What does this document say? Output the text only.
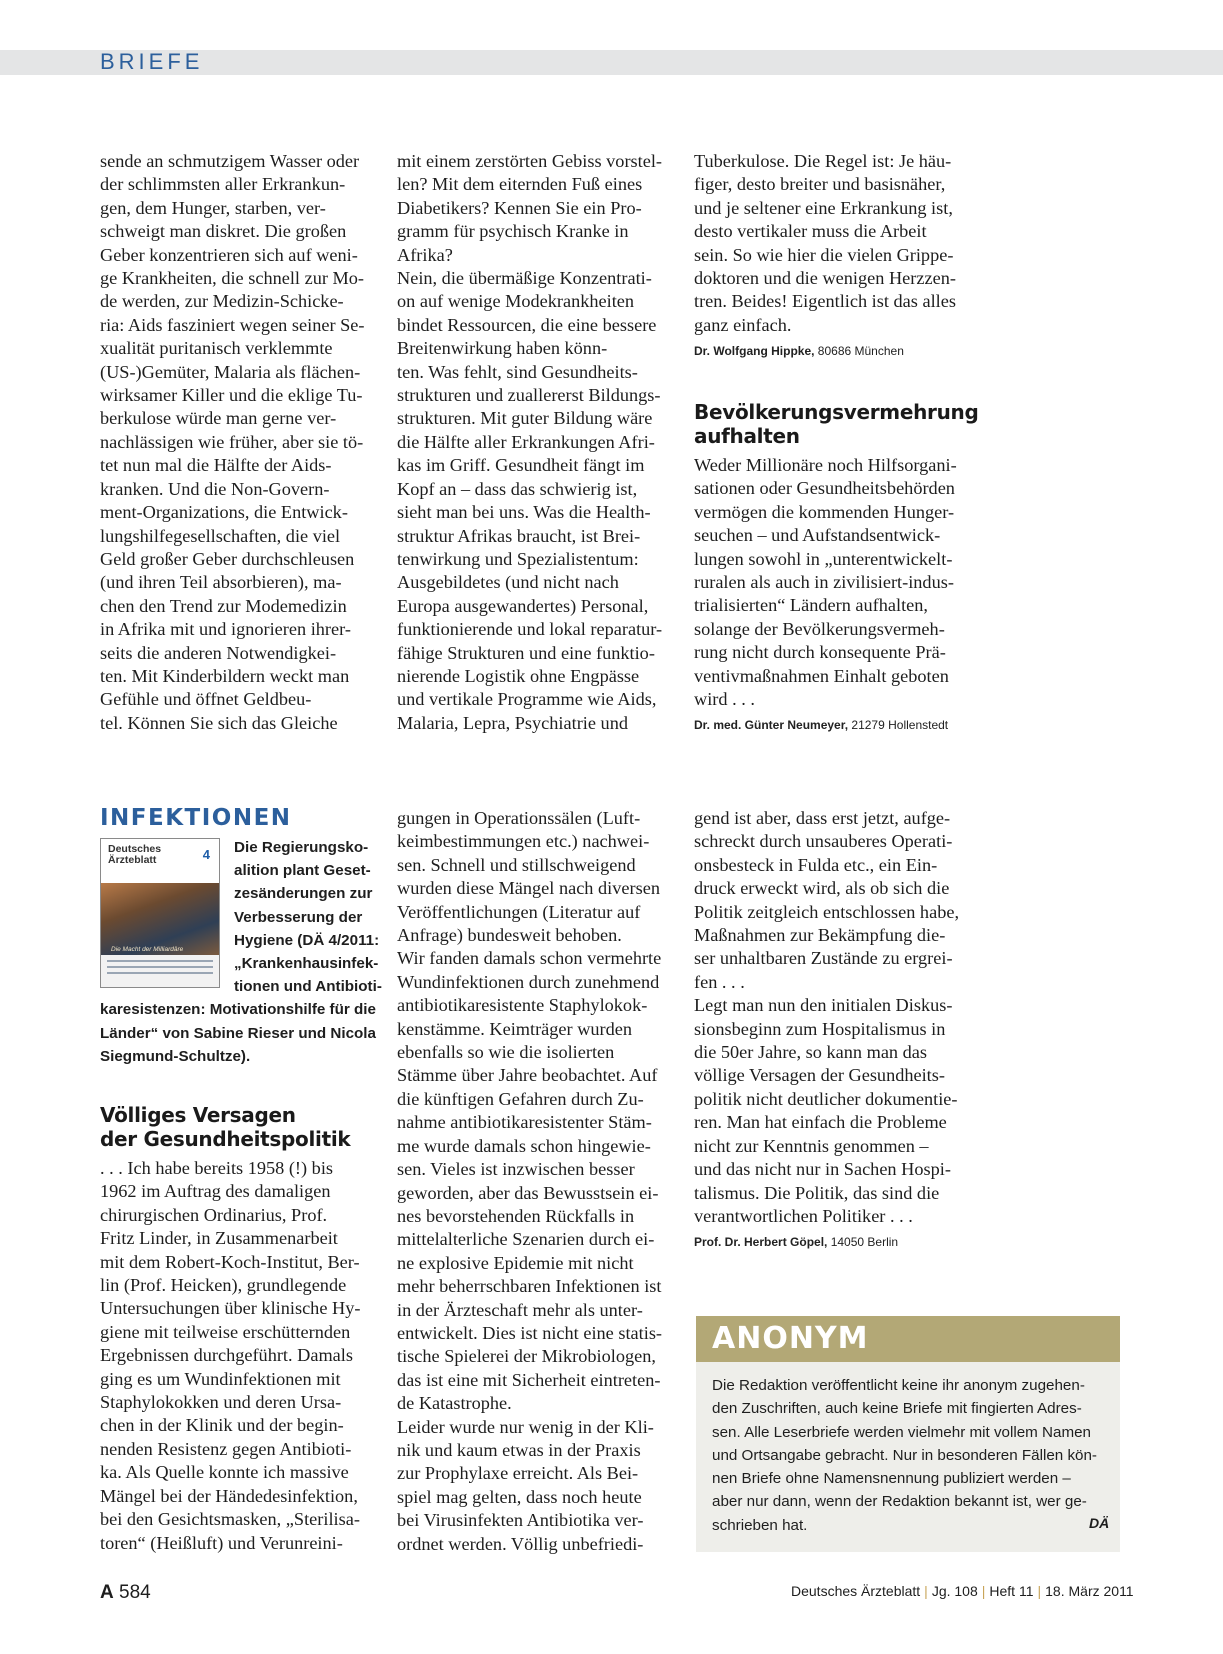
BRIEFE

sende an schmutzigem Wasser oder
der schlimmsten aller Erkrankun-
gen, dem Hunger, starben, ver-
schweigt man diskret. Die großen
Geber konzentrieren sich auf weni-
ge Krankheiten, die schnell zur Mo-
de werden, zur Medizin-Schicke-
ria: Aids fasziniert wegen seiner Se-
xualität puritanisch verklemmte
(US-)Gemüter, Malaria als flächen-
wirksamer Killer und die eklige Tu-
berkulose würde man gerne ver-
nachlässigen wie früher, aber sie tö-
tet nun mal die Hälfte der Aids-
kranken. Und die Non-Govern-
ment-Organizations, die Entwick-
lungshilfegesellschaften, die viel
Geld großer Geber durchschleusen
(und ihren Teil absorbieren), ma-
chen den Trend zur Modemedizin
in Afrika mit und ignorieren ihrer-
seits die anderen Notwendigkei-
ten. Mit Kinderbildern weckt man
Gefühle und öffnet Geldbeu-
tel. Können Sie sich das Gleiche

mit einem zerstörten Gebiss vorstel-
len? Mit dem eiternden Fuß eines
Diabetikers? Kennen Sie ein Pro-
gramm für psychisch Kranke in
Afrika?
Nein, die übermäßige Konzentrati-
on auf wenige Modekrankheiten
bindet Ressourcen, die eine bessere
Breitenwirkung haben könn-
ten. Was fehlt, sind Gesundheits-
strukturen und zuallererst Bildungs-
strukturen. Mit guter Bildung wäre
die Hälfte aller Erkrankungen Afri-
kas im Griff. Gesundheit fängt im
Kopf an – dass das schwierig ist,
sieht man bei uns. Was die Health-
struktur Afrikas braucht, ist Brei-
tenwirkung und Spezialistentum:
Ausgebildetes (und nicht nach
Europa ausgewandertes) Personal,
funktionierende und lokal reparatur-
fähige Strukturen und eine funktio-
nierende Logistik ohne Engpässe
und vertikale Programme wie Aids,
Malaria, Lepra, Psychiatrie und

Tuberkulose. Die Regel ist: Je häu-
figer, desto breiter und basisnäher,
und je seltener eine Erkrankung ist,
desto vertikaler muss die Arbeit
sein. So wie hier die vielen Grippe-
doktoren und die wenigen Herzzen-
tren. Beides! Eigentlich ist das alles
ganz einfach.

Dr. Wolfgang Hippke, 80686 München
Bevölkerungsvermehrung
aufhalten

Weder Millionäre noch Hilfsorgani-
sationen oder Gesundheitsbehörden
vermögen die kommenden Hunger-
seuchen – und Aufstandsentwick-
lungen sowohl in „unterentwickelt-
ruralen als auch in zivilisiert-indus-
trialisierten“ Ländern aufhalten,
solange der Bevölkerungsvermeh-
rung nicht durch konsequente Prä-
ventivmaßnahmen Einhalt geboten
wird . . .

Dr. med. Günter Neumeyer, 21279 Hollenstedt
INFEKTIONEN
Deutsches
Ärzteblatt	4
Die Macht der Milliardäre

Die Regierungsko-

alition plant Geset-

zesänderungen zur

Verbesserung der

Hygiene (DÄ 4/2011:

„Krankenhausinfek-

tionen und Antibioti-

karesistenzen: Motivationshilfe für die

Länder“ von Sabine Rieser und Nicola

Siegmund-Schultze).

Völliges Versagen
der Gesundheitspolitik

. . . Ich habe bereits 1958 (!) bis
1962 im Auftrag des damaligen
chirurgischen Ordinarius, Prof.
Fritz Linder, in Zusammenarbeit
mit dem Robert-Koch-Institut, Ber-
lin (Prof. Heicken), grundlegende
Untersuchungen über klinische Hy-
giene mit teilweise erschütternden
Ergebnissen durchgeführt. Damals
ging es um Wundinfektionen mit
Staphylokokken und deren Ursa-
chen in der Klinik und der begin-
nenden Resistenz gegen Antibioti-
ka. Als Quelle konnte ich massive
Mängel bei der Händedesinfektion,
bei den Gesichtsmasken, „Sterilisa-
toren“ (Heißluft) und Verunreini-

gungen in Operationssälen (Luft-
keimbestimmungen etc.) nachwei-
sen. Schnell und stillschweigend
wurden diese Mängel nach diversen
Veröffentlichungen (Literatur auf
Anfrage) bundesweit behoben.
Wir fanden damals schon vermehrte
Wundinfektionen durch zunehmend
antibiotikaresistente Staphylokok-
kenstämme. Keimträger wurden
ebenfalls so wie die isolierten
Stämme über Jahre beobachtet. Auf
die künftigen Gefahren durch Zu-
nahme antibiotikaresistenter Stäm-
me wurde damals schon hingewie-
sen. Vieles ist inzwischen besser
geworden, aber das Bewusstsein ei-
nes bevorstehenden Rückfalls in
mittelalterliche Szenarien durch ei-
ne explosive Epidemie mit nicht
mehr beherrschbaren Infektionen ist
in der Ärzteschaft mehr als unter-
entwickelt. Dies ist nicht eine statis-
tische Spielerei der Mikrobiologen,
das ist eine mit Sicherheit eintreten-
de Katastrophe.
Leider wurde nur wenig in der Kli-
nik und kaum etwas in der Praxis
zur Prophylaxe erreicht. Als Bei-
spiel mag gelten, dass noch heute
bei Virusinfekten Antibiotika ver-
ordnet werden. Völlig unbefriedi-

gend ist aber, dass erst jetzt, aufge-
schreckt durch unsauberes Operati-
onsbesteck in Fulda etc., ein Ein-
druck erweckt wird, als ob sich die
Politik zeitgleich entschlossen habe,
Maßnahmen zur Bekämpfung die-
ser unhaltbaren Zustände zu ergrei-
fen . . .
Legt man nun den initialen Diskus-
sionsbeginn zum Hospitalismus in
die 50er Jahre, so kann man das
völlige Versagen der Gesundheits-
politik nicht deutlicher dokumentie-
ren. Man hat einfach die Probleme
nicht zur Kenntnis genommen –
und das nicht nur in Sachen Hospi-
talismus. Die Politik, das sind die
verantwortlichen Politiker . . .

Prof. Dr. Herbert Göpel, 14050 Berlin
ANONYM
Die Redaktion veröffentlicht keine ihr anonym zugehen-
den Zuschriften, auch keine Briefe mit fingierten Adres-
sen. Alle Leserbriefe werden vielmehr mit vollem Namen
und Ortsangabe gebracht. Nur in besonderen Fällen kön-
nen Briefe ohne Namensnennung publiziert werden –
aber nur dann, wenn der Redaktion bekannt ist, wer ge-
schrieben hat.	DÄ
A 584	Deutsches Ärzteblatt | Jg. 108 | Heft 11 | 18. März 2011
